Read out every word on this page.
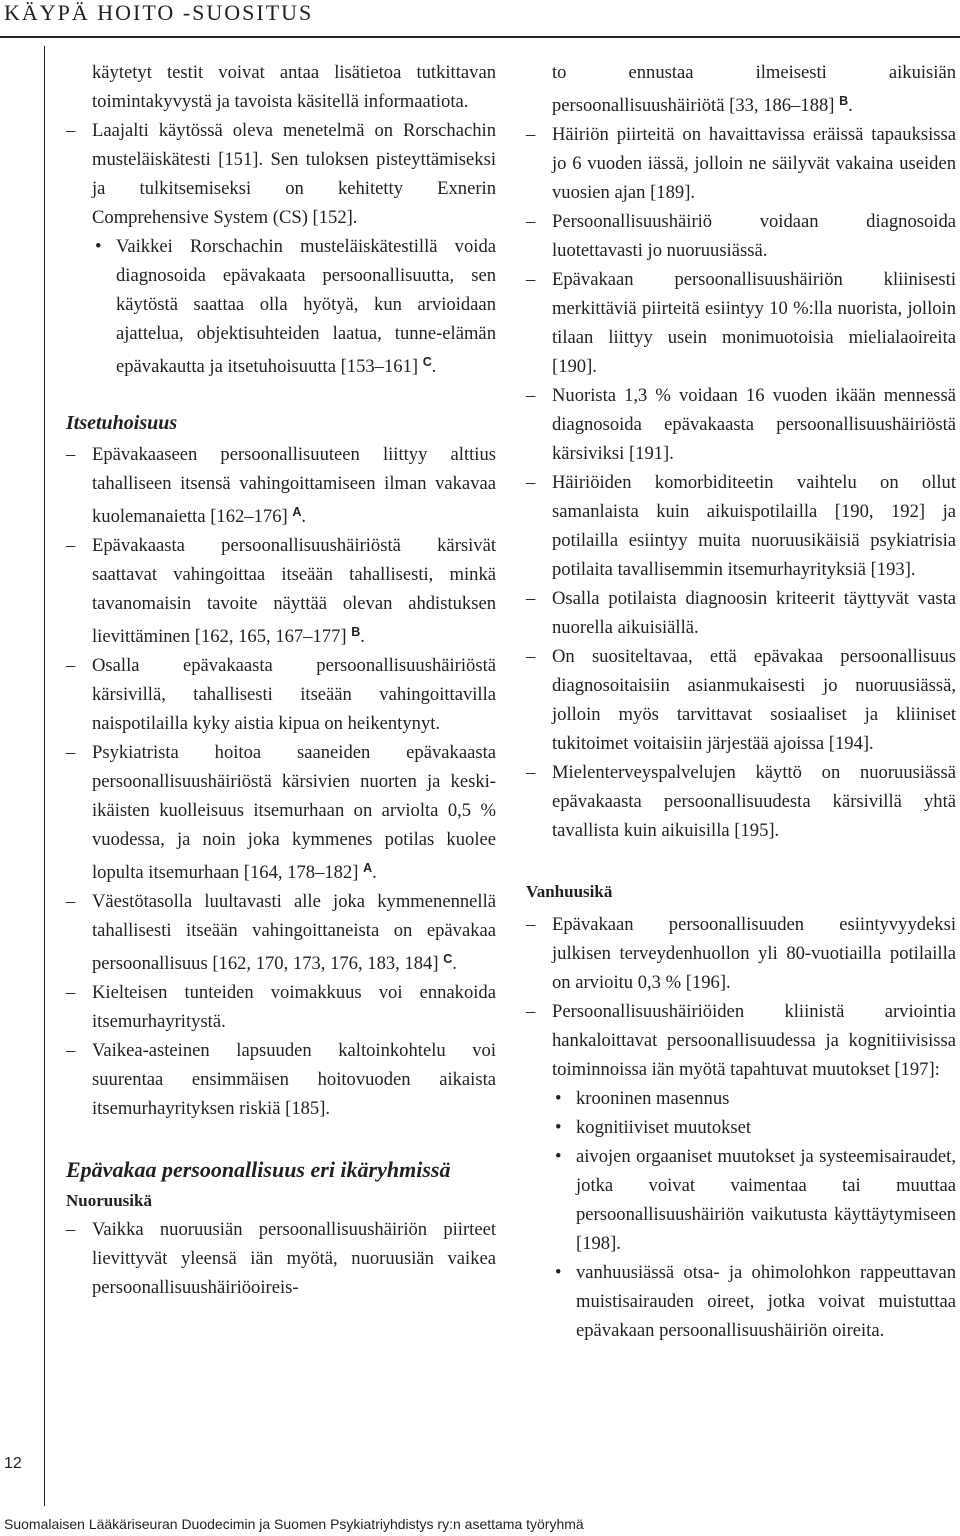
KÄYPÄ HOITO -SUOSITUS
12
Suomalaisen Lääkäriseuran Duodecimin ja Suomen Psykiatriyhdistys ry:n asettama työryhmä

käytetyt testit voivat antaa lisätietoa tutkittavan toimintakyvystä ja tavoista käsitellä informaatiota.

– Laajalti käytössä oleva menetelmä on Rorschachin musteläiskätesti [151]. Sen tuloksen pisteyttämiseksi ja tulkitsemiseksi on kehitetty Exnerin Comprehensive System (CS) [152].

• Vaikkei Rorschachin musteläiskätestillä voida diagnosoida epävakaata persoonallisuutta, sen käytöstä saattaa olla hyötyä, kun arvioidaan ajattelua, objektisuhteiden laatua, tunne-elämän epävakautta ja itsetuhoisuutta [153–161] $^C$.

Itsetuhoisuus

– Epävakaaseen persoonallisuuteen liittyy alttius tahalliseen itsensä vahingoittamiseen ilman vakavaa kuolemanaietta [162–176] $^A$.

– Epävakaasta persoonallisuushäiriöstä kärsivät saattavat vahingoittaa itseään tahallisesti, minkä tavanomaisin tavoite näyttää olevan ahdistuksen lievittäminen [162, 165, 167–177] $^B$.

– Osalla epävakaasta persoonallisuushäiriöstä kärsivillä, tahallisesti itseään vahingoittavilla naispotilailla kyky aistia kipua on heikentynyt.

– Psykiatrista hoitoa saaneiden epävakaasta persoonallisuushäiriöstä kärsivien nuorten ja keski-ikäisten kuolleisuus itsemurhaan on arviolta 0,5 % vuodessa, ja noin joka kymmenes potilas kuolee lopulta itsemurhaan [164, 178–182] $^A$.

– Väestötasolla luultavasti alle joka kymmenennellä tahallisesti itseään vahingoittaneista on epävakaa persoonallisuus [162, 170, 173, 176, 183, 184] $^C$.

– Kielteisen tunteiden voimakkuus voi ennakoida itsemurhayritystä.

– Vaikea-asteinen lapsuuden kaltoinkohtelu voi suurentaa ensimmäisen hoitovuoden aikaista itsemurhayrityksen riskiä [185].

Epävakaa persoonallisuus eri ikäryhmissä
Nuoruusikä

– Vaikka nuoruusiän persoonallisuushäiriön piirteet lievittyvät yleensä iän myötä, nuoruusiän vaikea persoonallisuushäiriöoireis-

to ennustaa ilmeisesti aikuisiän persoonallisuushäiriötä [33, 186–188] $^B$.

– Häiriön piirteitä on havaittavissa eräissä tapauksissa jo 6 vuoden iässä, jolloin ne säilyvät vakaina useiden vuosien ajan [189].

– Persoonallisuushäiriö voidaan diagnosoida luotettavasti jo nuoruusiässä.

– Epävakaan persoonallisuushäiriön kliinisesti merkittäviä piirteitä esiintyy 10 %:lla nuorista, jolloin tilaan liittyy usein monimuotoisia mielialaoireita [190].

– Nuorista 1,3 % voidaan 16 vuoden ikään mennessä diagnosoida epävakaasta persoonallisuushäiriöstä kärsiviksi [191].

– Häiriöiden komorbiditeetin vaihtelu on ollut samanlaista kuin aikuispotilailla [190, 192] ja potilailla esiintyy muita nuoruusikäisiä psykiatrisia potilaita tavallisemmin itsemurhayrityksiä [193].

– Osalla potilaista diagnoosin kriteerit täyttyvät vasta nuorella aikuisiällä.

– On suositeltavaa, että epävakaa persoonallisuus diagnosoitaisiin asianmukaisesti jo nuoruusiässä, jolloin myös tarvittavat sosiaaliset ja kliiniset tukitoimet voitaisiin järjestää ajoissa [194].

– Mielenterveyspalvelujen käyttö on nuoruusiässä epävakaasta persoonallisuudesta kärsivillä yhtä tavallista kuin aikuisilla [195].

Vanhuusikä

– Epävakaan persoonallisuuden esiintyvyydeksi julkisen terveydenhuollon yli 80-vuotiailla potilailla on arvioitu 0,3 % [196].

– Persoonallisuushäiriöiden kliinistä arviointia hankaloittavat persoonallisuudessa ja kognitiivisissa toiminnoissa iän myötä tapahtuvat muutokset [197]:

• krooninen masennus

• kognitiiviset muutokset

• aivojen orgaaniset muutokset ja systeemisairaudet, jotka voivat vaimentaa tai muuttaa persoonallisuushäiriön vaikutusta käyttäytymiseen [198].

• vanhuusiässä otsa- ja ohimolohkon rappeuttavan muistisairauden oireet, jotka voivat muistuttaa epävakaan persoonallisuushäiriön oireita.
